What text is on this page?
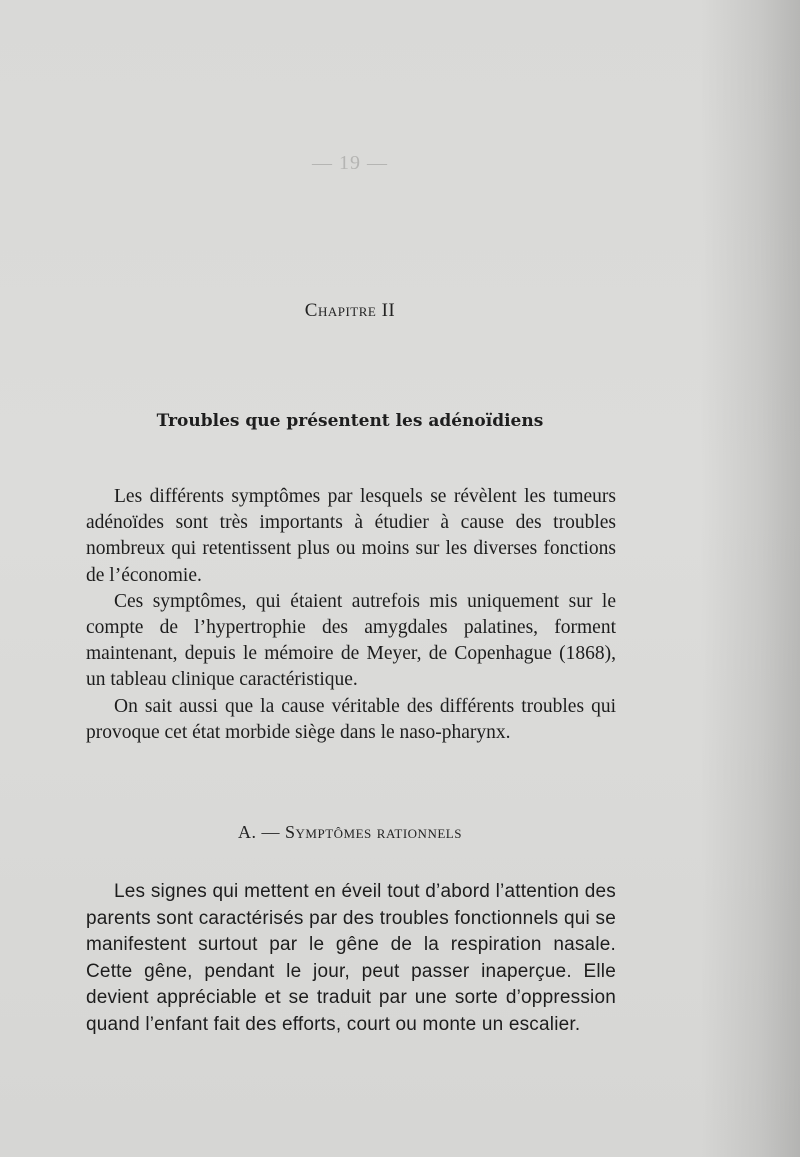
— 19 —
Chapitre II
Troubles que présentent les adénoïdiens

Les différents symptômes par lesquels se révèlent les tumeurs adénoïdes sont très importants à étudier à cause des troubles nombreux qui retentissent plus ou moins sur les diverses fonctions de l’économie.

Ces symptômes, qui étaient autrefois mis uniquement sur le compte de l’hypertrophie des amygdales palatines, forment maintenant, depuis le mémoire de Meyer, de Copenhague (1868), un tableau clinique caractéristique.

On sait aussi que la cause véritable des différents troubles qui provoque cet état morbide siège dans le naso-pharynx.

A. — Symptômes rationnels

Les signes qui mettent en éveil tout d’abord l’attention des parents sont caractérisés par des troubles fonctionnels qui se manifestent surtout par le gêne de la respiration nasale. Cette gêne, pendant le jour, peut passer inaperçue. Elle devient appréciable et se traduit par une sorte d’oppression quand l’enfant fait des efforts, court ou monte un escalier.
